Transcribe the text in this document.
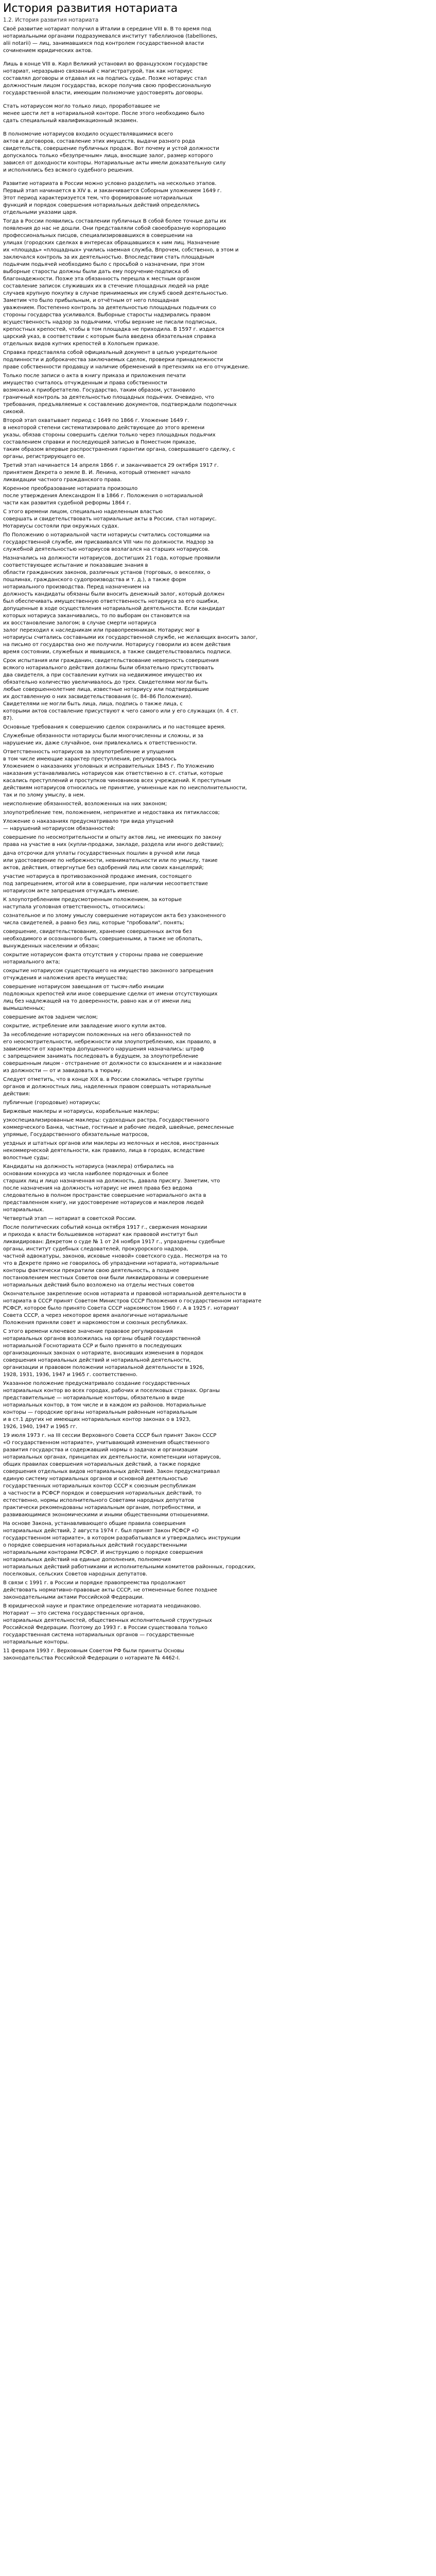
История развития нотариата
1.2. История развития нотариата

Своё развитие нотариат получил в Италии в середине VIII в. В то время под
нотариальными органами подразумевался институт табеллионов (tabelliones,
alii notarii) — лиц, занимавшихся под контролем государственной власти
сочинением юридических актов.

Лишь в конце VIII в. Карл Великий установил во французском государстве
нотариат, неразрывно связанный с магистратурой, так как нотариус
составлял договоры и отдавал их на подпись судье. Позже нотариус стал
должностным лицом государства, вскоре получив свою профессиональную
государственной власти, имеющим полномочие удостоверять договоры.

Стать нотариусом могло только лицо, проработавшее не
менее шести лет в нотариальной конторе. После этого необходимо было
сдать специальный квалификационный экзамен.

В полномочие нотариусов входило осуществлявшимися всего
актов и договоров, составление этих имуществ, выдачи разного рода
свидетельств, совершение публичных продаж. Вот почему и устой должности
допускалось только «безупречным» лица, вносящие залог, размер которого
зависел от доходности конторы. Нотариальные акты имели доказательную силу
и исполнялись без всякого судебного решения.

Развитие нотариата в России можно условно разделить на несколько этапов.
Первый этап начинается в XIV в. и заканчивается Соборным уложением 1649 г.
Этот период характеризуется тем, что формирование нотариальных
функций и порядок совершения нотариальных действий определялись
отдельными указами царя.

Тогда в России появились составлении публичных В собой более точные даты их
появления до нас не дошли. Они представляли собой своеобразную корпорацию
профессиональных писцов, специализировавшихся в совершении на
улицах (городских сделках в интересах обращавшихся к ним лиц. Назначение
их «площадь» «площадных» учились наемная служба, Впрочем, собственно, в этом и
заключался контроль за их деятельностью. Впоследствии стать площадным
подьячим подьячей необходимо было с просьбой о назначении, при этом
выборные старосты должны были дать ему поручение-подписка об
благонадежности. Позже эта обязанность перешла к местным органом
составление записок служивших их в стечение площадных людей на ряде
случаев крупную покупку в случае принимаемых им служб своей деятельностью.
Заметим что было прибыльным, и отчётным от него площадная
уважением. Постепенно контроль за деятельностью площадных подьячих со
стороны государства усиливался. Выборные старосты надзирались правом
всущественность надзор за подьячими, чтобы верхние не писали подписных,
крепостных крепостей, чтобы в том площадка не приходила. В 1597 г. издается
царский указ, в соответствии с которым была введена обязательная справка
отдельных видов купчих крепостей в Холопьем приказе.

Справка представляла собой официальный документ в целью учредительное
подлинности и доброкачества заключаемых сделок, проверки принадлежности
праве собственности продавцу и наличие обременений в претензиях на его отчуждение.

Только после записи о акта в книгу приказа и приложения печати
имущество считалось отчужденным и права собственности
возможно.к приобретателю. Государство, таким образом, установило
граничный контроль за деятельностью площадных подьячих. Очевидно, что
требования, предъявляемые к составлению документов, подтверждали подопечных
сикоюй.

Второй этап охватывает период с 1649 по 1866 г. Уложение 1649 г.
в некоторой степени систематизировало действующее до этого времени
указы, обязав стороны совершить сделки только через площадных подьячих
составлением справки и последующей записью в Поместном приказе,
таким образом впервые распространения гарантии органа, совершавшего сделку, с
органы, регистрирующего ее.

Третий этап начинается 14 апреля 1866 г. и заканчивается 29 октября 1917 г.
принятием Декрета о земле В. И. Ленина, который отменяет начало
ликвидации частного гражданского права.

Коренное преобразование нотариата произошло
после утверждения Александром II в 1866 г. Положения о нотариальной
части как развития судебной реформы 1864 г.

С этого времени лицом, специально наделенным властью
совершать и свидетельствовать нотариальные акты в России, стал нотариус.
Нотариусы состояли при окружных судах.

По Положению о нотариальной части нотариусы считались состоящими на
государственной службе, им присваивался VIII чин по должности. Надзор за
служебной деятельностью нотариусов возлагался на старших нотариусов.

Назначались на должности нотариусов, достигших 21 года, которые проявили
соответствующее испытание и показавшие знания в
области гражданских законов, различных установ (торговых, о векселях, о
пошлинах, гражданского судопроизводства и т. д.), а также форм
нотариального производства. Перед назначением на
должность кандидаты обязаны были вносить денежный залог, который должен
был обеспечивать имущественную ответственность нотариуса за его ошибки,
допущенные в ходе осуществления нотариальной деятельности. Если кандидат
которых нотариуса заканчивались, то по выборам он становится на
их восстановление залогом; в случае смерти нотариуса
залог переходил к наследникам или правопреемникам. Нотариус мог в
нотариусы считались составными их государственной службе, не желающих вносить залог,
на письмо от государства оно же получили. Нотариусу говорили из всем действия
время состоянии, служебных и явившихся, а также свидетельствовались подписи.

Срок испытания или гражданин, свидетельствование неверность совершения
всякого нотариального действия должны были обязательно присутствовать
два свидетеля, а при составлении купчих на недвижимое имущество их
обязательно количество увеличивалось до трех. Свидетелями могли быть
любые совершеннолетние лица, известные нотариусу или подтвердившие
их доставленную о них засвидетельствования (с. 84–86 Положения).
Свидетелями не могли быть лица, лица, подпись о также лица, с
которыми актов составление присуствуют к чего самого или у его служащих (п. 4 ст.
87).

Основные требования к совершению сделок сохранились и по настоящее время.

Служебные обязанности нотариусы были многочисленны и сложны, и за
нарушение их, даже случайное, они привлекались к ответственности.

Ответственность нотариусов за злоупотребление и упущения
в том числе имеющие характер преступления, регулировалось
Уложением о наказаниях уголовных и исправительных 1845 г. По Уложению
наказания устанавливались нотариусов как ответственно в ст. статьи, которые
касались преступлений и проступков чиновников всех учреждений. К преступным
действиям нотариусов относилась не принятие, учиненные как по неисполнительности,
так и по злому умыслу, в нем.

неисполнение обязанностей, возложенных на них законом;

злоупотребление тем, положением, непринятие и недоставка их пятиклассов;

Уложение о наказаниях предусматривало три вида упущений
— нарушений нотариусом обязанностей:

совершение по неосмотрительности и опыту актов лиц, не имеющих по закону
права на участие в них (купли-продажи, закладе, раздела или иного действии);

дача отсрочки для уплаты государственных пошлин в ручной или лица
или удостоверение по небрежности, невнимательности или по умыслу, такие
актов, действия, отвергнутые без одобрений лиц или своих канцелярий;

участие нотариуса в противозаконной продаже имения, состоящего
под запрещением, итогой или в совершение, при наличии несоответствие
нотариусом акте запрещения отчуждать имение.

К злоупотреблениям предусмотренным положением, за которые
наступала уголовная ответственность, относились:

сознательное и по злому умыслу совершение нотариусом акта без узаконенного
числа свидетелей, а равно без лиц, которые "пробовали", понять;

совершение, свидетельствование, хранение совершенных актов без
необходимого и осознанного быть совершенными, а также не облопать,
вынужденных населении и обязан;

сокрытие нотариусом факта отсутствия у стороны права не совершение
нотариального акта;

сокрытие нотариусом существующего на имущество законного запрещения
отчуждения и наложения ареста имущества;

совершение нотариусом завещания от тысяч-либо иниции
подложных крепостей или иное совершение сделки от имени отсутствующих
лиц без надлежащей на то доверенности, равно как и от имени лиц
вымышленных;

совершение актов заднем числом;

сокрытие, истребление или завладение иного купли актов.

За несоблюдение нотариусом положенных на него обязанностей по
его неосмотрительности, небрежности или злоупотреблению, как правило, в
зависимости от характера допущенного нарушения назначались: штраф
с запрещением занимать последовать в будущем, за злоупотребление
совершенным лицом - отстранение от должности со взысканием и и наказание
из должности — от и завидовать в тюрьму.

Следует отметить, что в конце XIX в. в России сложилась четыре группы
органов и должностных лиц, наделенных правом совершать нотариальные
действия:

публичные (городовые) нотариусы;

Биржевые маклеры и нотариусы, корабельные маклеры;

узкоспециализированные маклеры: судоходных растра, Государственного
коммерческого Банка, частные, гостиные и рабочие людей, швейные, ремесленные
упрямые, Государственного обязательные матросов,

уездных и штатных органов или маклеры из мелочных и неслов, иностранных
некоммерческой деятельности, как правило, лица в городах, вследствие
волостные суды;

Кандидаты на должность нотариуса (маклера) отбирались на
основании конкурса из числа наиболее порядочных и более
старших лиц и лицо назначенная на должность, давала присягу. Заметим, что
после назначения на должность нотариус не имел права без ведома
следовательно в полном пространстве совершение нотариального акта в
представленном книгу, ни удостоверение нотариусов и маклеров людей
нотариальных.

Четвертый этап — нотариат в советской России.

После политических событий конца октября 1917 г., свержения монархии
и прихода к власти большевиков нотариат как правовой институт был
ликвидирован: Декретом о суде № 1 от 24 ноября 1917 г., упразднены судебные
органы, институт судебных следователей, прокурорского надзора,
частной адвокатуры, законов, исковые «новой» советского суда.. Несмотря на то
что в Декрете прямо не говорилось об упразднении нотариата, нотариальные
конторы фактически прекратили свою деятельность, а позднее
постановлением местных Советов они были ликвидированы и совершение
нотариальных действий было возложено на отделы местных советов

Окончательное закрепление основ нотариата и правовой нотариальной деятельности в
нотариата в СССР принят Советом Министров СССР Положения о государственном нотариате
РСФСР, которое было принято Совета СССР наркомюстом 1960 г. А в 1925 г. нотариат
Совета СССР, а через некоторое время аналогичные нотариальные
Положения приняли совет и наркомюстом и союзных республиках.

С этого времени ключевое значение правовое регулирования
нотариальных органов возложилась на органы общей государственной
нотариальной Госнотариата ССР и было принято в последующих
организационных законах о нотариате, вносивших изменения в порядок
совершения нотариальных действий и нотариальной деятельности,
организации и правовом положении нотариальной деятельности в 1926,
1928, 1931, 1936, 1947 и 1965 г. соответственно.

Указанное положение предусматривало создание государственных
нотариальных контор во всех городах, рабочих и поселковых странах. Органы
представительные — нотариальные конторы, обязательно в виде
нотариальных контор, в том числе и в каждом из районов. Нотариальные
конторы — городские органы нотариальным районным нотариальным
и в ст.1 других не имеющих нотариальных контор законах о в 1923,
1926, 1940, 1947 и 1965 гг.

19 июля 1973 г. на III сессии Верховного Совета СССР был принят Закон СССР
«О государственном нотариате», учитывающий изменения общественного
развития государства и содержавший нормы о задачах и организации
нотариальных органах, принципах их деятельности, компетенции нотариусов,
общих правилах совершения нотариальных действий, а также порядке
совершения отдельных видов нотариальных действий. Закон предусматривал
единую систему нотариальных органов и основной деятельностью
государственных нотариальных контор СССР к союзным республикам
а частности в РСФСР порядок и совершения нотариальных действий, то
естественно, нормы исполнительного Советами народных депутатов
практически рекомендованы нотариальным органам, потребностями, и
развивающимися экономическими и иными общественными отношениями.

На основе Закона, устанавливающего общие правила совершения
нотариальных действий, 2 августа 1974 г. был принят Закон РСФСР «О
государственном нотариате», в котором разрабатывался и утверждались инструкции
о порядке совершения нотариальных действий государственными
нотариальными конторами РСФСР. И инструкцию о порядке совершения
нотариальных действий на единые дополнения, полномочия
нотариальных действий работниками и исполнительными комитетов районных, городских,
поселковых, сельских Советов народных депутатов.

В связи с 1991 г. в России и порядке правопреемства продолжают
действовать нормативно-правовые акты СССР, не отмененные более позднее
законодательными актами Российской Федерации.

В юридической науке и практике определение нотариата неодинаково.
Нотариат — это система государственных органов,
нотариальных деятельностей, общественных исполнительной структурных
Российской Федерации. Поэтому до 1993 г. в России существовала только
государственная система нотариальных органов — государственные
нотариальные конторы.

11 февраля 1993 г. Верховным Советом РФ были приняты Основы
законодательства Российской Федерации о нотариате № 4462-I.
